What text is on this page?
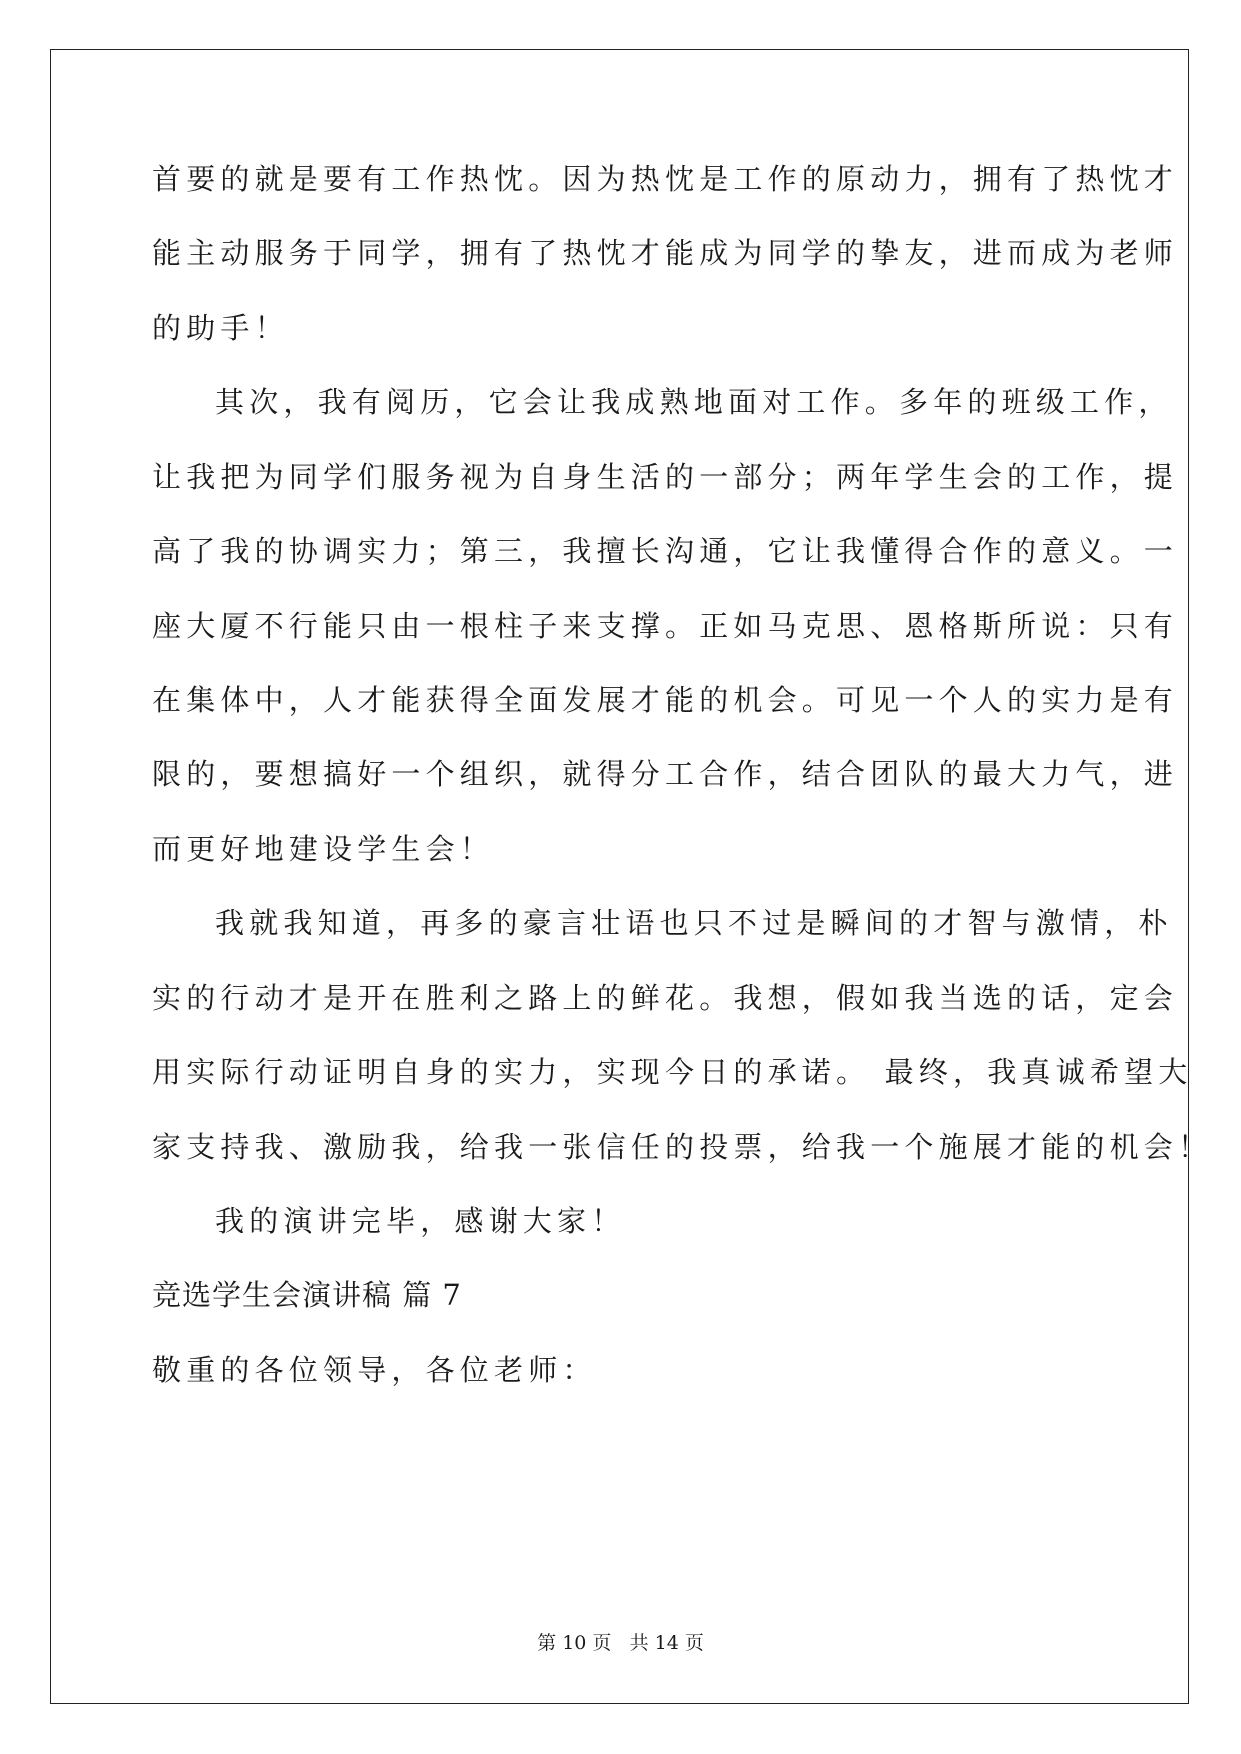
首要的就是要有工作热忱。因为热忱是工作的原动力，拥有了热忱才

能主动服务于同学，拥有了热忱才能成为同学的挚友，进而成为老师

的助手！

其次，我有阅历，它会让我成熟地面对工作。多年的班级工作，

让我把为同学们服务视为自身生活的一部分；两年学生会的工作，提

高了我的协调实力；第三，我擅长沟通，它让我懂得合作的意义。一

座大厦不行能只由一根柱子来支撑。正如马克思、恩格斯所说：只有

在集体中，人才能获得全面发展才能的机会。可见一个人的实力是有

限的，要想搞好一个组织，就得分工合作，结合团队的最大力气，进

而更好地建设学生会！

我就我知道，再多的豪言壮语也只不过是瞬间的才智与激情，朴

实的行动才是开在胜利之路上的鲜花。我想，假如我当选的话，定会

用实际行动证明自身的实力，实现今日的承诺。 最终，我真诚希望大

家支持我、激励我，给我一张信任的投票，给我一个施展才能的机会！

我的演讲完毕，感谢大家！

竞选学生会演讲稿 篇 7

敬重的各位领导，各位老师：

第 10 页 共 14 页
